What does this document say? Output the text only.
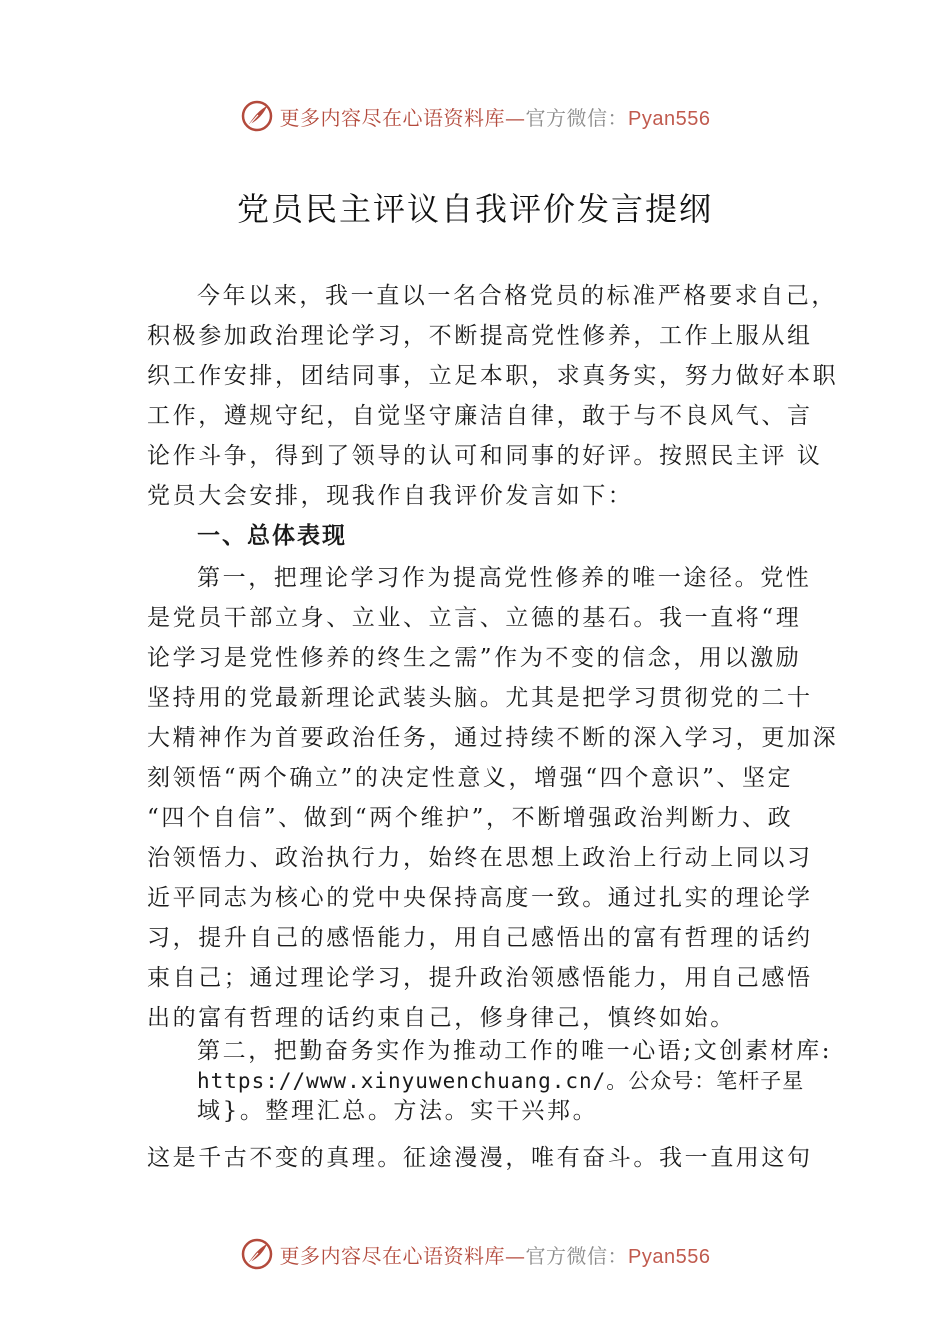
更多内容尽在心语资料库—官方微信：Pyan556
党员民主评议自我评价发言提纲
今年以来，我一直以一名合格党员的标准严格要求自己，
积极参加政治理论学习，不断提高党性修养，工作上服从组
织工作安排，团结同事，立足本职，求真务实，努力做好本职
工作，遵规守纪，自觉坚守廉洁自律，敢于与不良风气、言
论作斗争，得到了领导的认可和同事的好评。按照民主评 议
党员大会安排，现我作自我评价发言如下：
一、总体表现
第一，把理论学习作为提高党性修养的唯一途径。党性
是党员干部立身、立业、立言、立德的基石。我一直将“理
论学习是党性修养的终生之需”作为不变的信念，用以激励
坚持用的党最新理论武装头脑。尤其是把学习贯彻党的二十
大精神作为首要政治任务，通过持续不断的深入学习，更加深
刻领悟“两个确立”的决定性意义，增强“四个意识”、坚定
“四个自信”、做到“两个维护”，不断增强政治判断力、政
治领悟力、政治执行力，始终在思想上政治上行动上同以习
近平同志为核心的党中央保持高度一致。通过扎实的理论学
习，提升自己的感悟能力，用自己感悟出的富有哲理的话约
束自己；通过理论学习，提升政治领感悟能力，用自己感悟
出的富有哲理的话约束自己，修身律己，慎终如始。
第二，把勤奋务实作为推动工作的唯一心语;文创素材库:
https://www.xinyuwenchuang.cn/。公众号：笔杆子星
域}。整理汇总。方法。实干兴邦。
这是千古不变的真理。征途漫漫，唯有奋斗。我一直用这句
更多内容尽在心语资料库—官方微信：Pyan556
